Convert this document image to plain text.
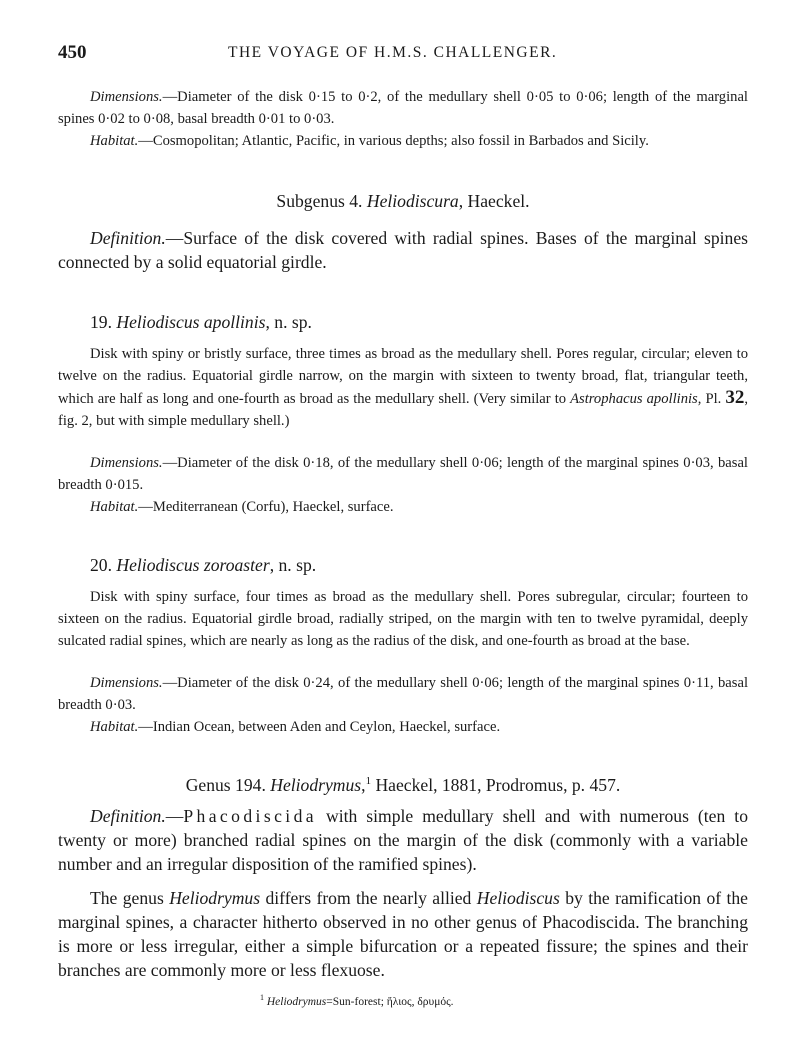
450	THE VOYAGE OF H.M.S. CHALLENGER.

Dimensions.—Diameter of the disk 0·15 to 0·2, of the medullary shell 0·05 to 0·06; length of the marginal spines 0·02 to 0·08, basal breadth 0·01 to 0·03.

Habitat.—Cosmopolitan; Atlantic, Pacific, in various depths; also fossil in Barbados and Sicily.

Subgenus 4. Heliodiscura, Haeckel.

Definition.—Surface of the disk covered with radial spines. Bases of the marginal spines connected by a solid equatorial girdle.

19. Heliodiscus apollinis, n. sp.

Disk with spiny or bristly surface, three times as broad as the medullary shell. Pores regular, circular; eleven to twelve on the radius. Equatorial girdle narrow, on the margin with sixteen to twenty broad, flat, triangular teeth, which are half as long and one-fourth as broad as the medullary shell. (Very similar to Astrophacus apollinis, Pl. 32, fig. 2, but with simple medullary shell.)

Dimensions.—Diameter of the disk 0·18, of the medullary shell 0·06; length of the marginal spines 0·03, basal breadth 0·015.

Habitat.—Mediterranean (Corfu), Haeckel, surface.

20. Heliodiscus zoroaster, n. sp.

Disk with spiny surface, four times as broad as the medullary shell. Pores subregular, circular; fourteen to sixteen on the radius. Equatorial girdle broad, radially striped, on the margin with ten to twelve pyramidal, deeply sulcated radial spines, which are nearly as long as the radius of the disk, and one-fourth as broad at the base.

Dimensions.—Diameter of the disk 0·24, of the medullary shell 0·06; length of the marginal spines 0·11, basal breadth 0·03.

Habitat.—Indian Ocean, between Aden and Ceylon, Haeckel, surface.

Genus 194. Heliodrymus,$^1$ Haeckel, 1881, Prodromus, p. 457.

Definition.—Phacodiscida with simple medullary shell and with numerous (ten to twenty or more) branched radial spines on the margin of the disk (commonly with a variable number and an irregular disposition of the ramified spines).

The genus Heliodrymus differs from the nearly allied Heliodiscus by the ramification of the marginal spines, a character hitherto observed in no other genus of Phacodiscida. The branching is more or less irregular, either a simple bifurcation or a repeated fissure; the spines and their branches are commonly more or less flexuose.

$^1$ Heliodrymus=Sun-forest; ἥλιος, δρυμός.
